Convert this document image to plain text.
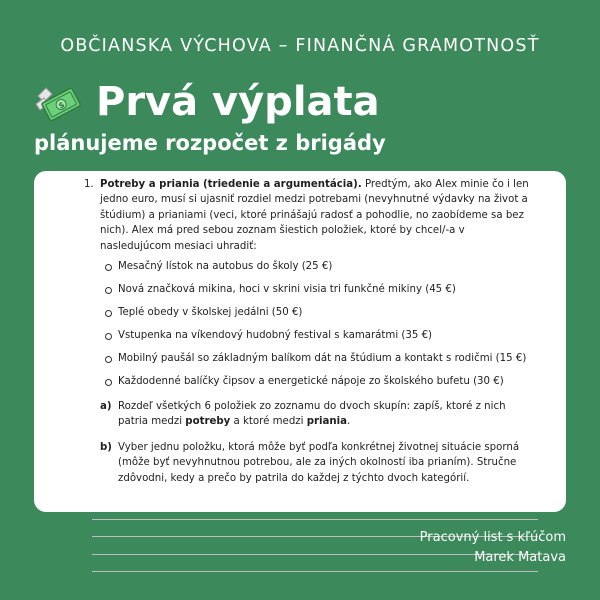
OBČIANSKA VÝCHOVA – FINANČNÁ GRAMOTNOSŤ
$ Prvá výplata
plánujeme rozpočet z brigády
1. Potreby a priania (triedenie a argumentácia). Predtým, ako Alex minie čo i len jedno euro, musí si ujasniť rozdiel medzi potrebami (nevyhnutné výdavky na život a štúdium) a prianiami (veci, ktoré prinášajú radosť a pohodlie, no zaobídeme sa bez nich). Alex má pred sebou zoznam šiestich položiek, ktoré by chcel/-a v nasledujúcom mesiaci uhradiť:
Mesačný lístok na autobus do školy (25 €)
Nová značková mikina, hoci v skrini visia tri funkčné mikiny (45 €)
Teplé obedy v školskej jedálni (50 €)
Vstupenka na víkendový hudobný festival s kamarátmi (35 €)
Mobilný paušál so základným balíkom dát na štúdium a kontakt s rodičmi (15 €)
Každodenné balíčky čipsov a energetické nápoje zo školského bufetu (30 €)
a) Rozdeľ všetkých 6 položiek zo zoznamu do dvoch skupín: zapíš, ktoré z nich patria medzi potreby a ktoré medzi priania.
b) Vyber jednu položku, ktorá môže byť podľa konkrétnej životnej situácie sporná (môže byť nevyhnutnou potrebou, ale za iných okolností iba prianím). Stručne zdôvodni, kedy a prečo by patrila do každej z týchto dvoch kategórií.
Pracovný list s kľúčom
Marek Matava
